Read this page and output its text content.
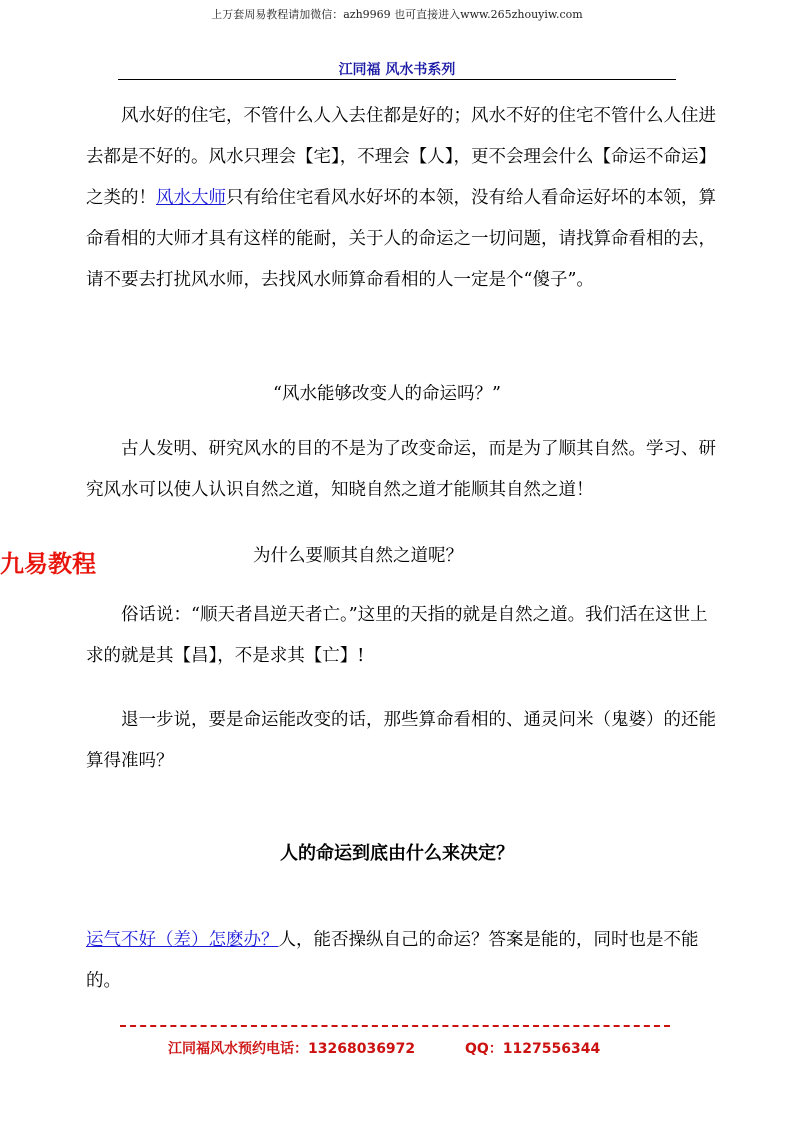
上万套周易教程请加微信：azh9969 也可直接进入www.265zhouyiw.com
江同福 风水书系列

风水好的住宅，不管什么人入去住都是好的；风水不好的住宅不管什么人住进去都是不好的。风水只理会【宅】，不理会【人】，更不会理会什么【命运不命运】之类的！风水大师只有给住宅看风水好坏的本领，没有给人看命运好坏的本领，算命看相的大师才具有这样的能耐，关于人的命运之一切问题，请找算命看相的去，请不要去打扰风水师，去找风水师算命看相的人一定是个“傻子”。

“风水能够改变人的命运吗？”

古人发明、研究风水的目的不是为了改变命运，而是为了顺其自然。学习、研究风水可以使人认识自然之道，知晓自然之道才能顺其自然之道！

九易教程	为什么要顺其自然之道呢？

俗话说：“顺天者昌逆天者亡。”这里的天指的就是自然之道。我们活在这世上求的就是其【昌】，不是求其【亡】!

退一步说，要是命运能改变的话，那些算命看相的、通灵问米（鬼婆）的还能算得准吗？

人的命运到底由什么来决定？

运气不好（差）怎麽办？人，能否操纵自己的命运？答案是能的，同时也是不能的。

江同福风水预约电话：13268036972	QQ：1127556344
